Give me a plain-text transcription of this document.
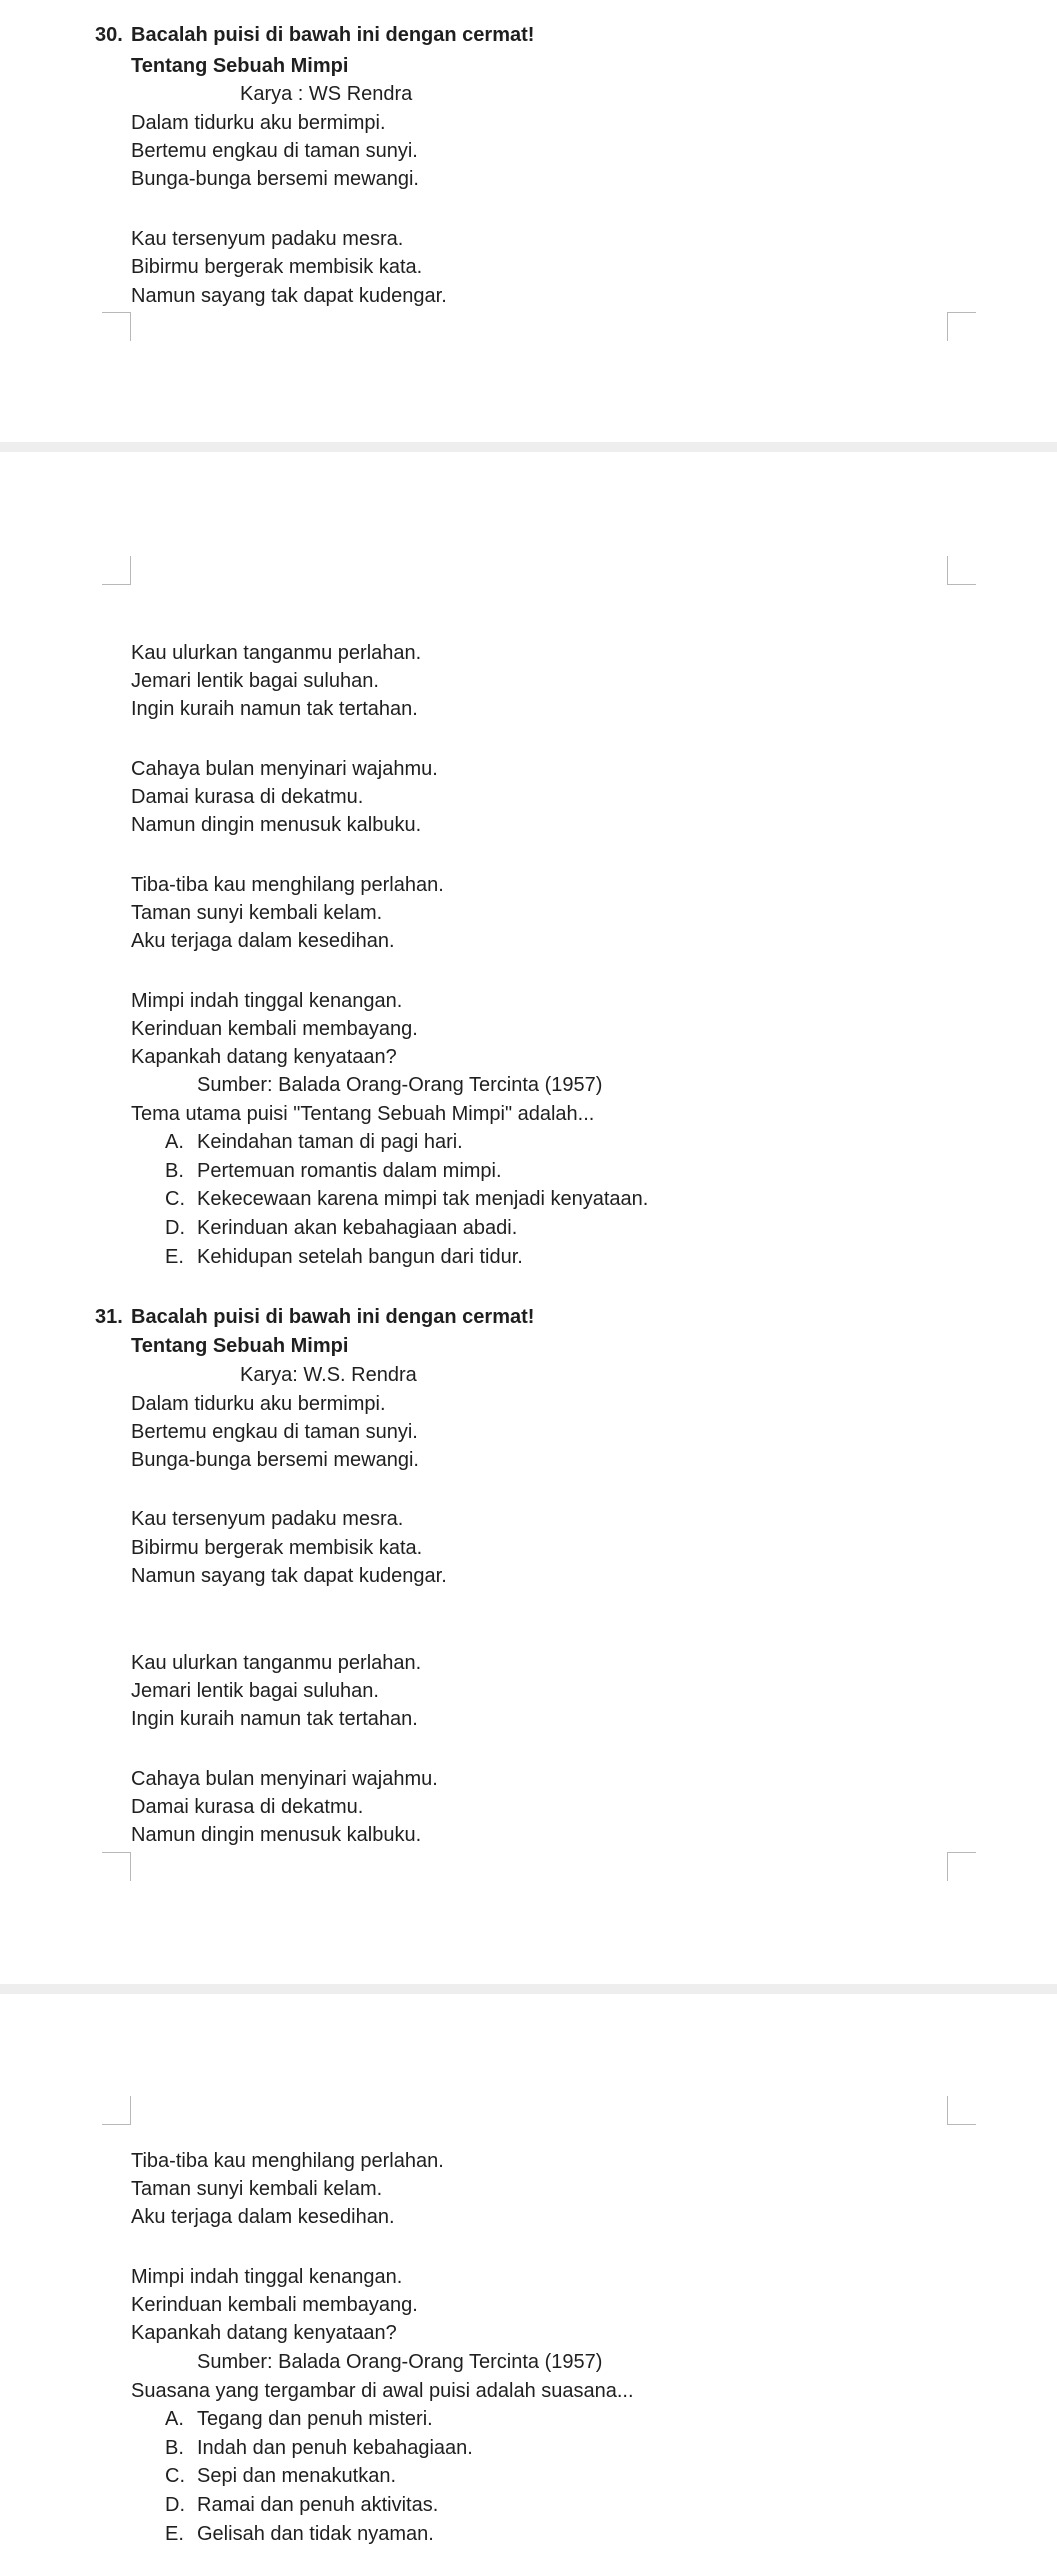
30. Bacalah puisi di bawah ini dengan cermat!
Tentang Sebuah Mimpi
Karya : WS Rendra
Dalam tidurku aku bermimpi.
Bertemu engkau di taman sunyi.
Bunga-bunga bersemi mewangi.
Kau tersenyum padaku mesra.
Bibirmu bergerak membisik kata.
Namun sayang tak dapat kudengar.
Kau ulurkan tanganmu perlahan.
Jemari lentik bagai suluhan.
Ingin kuraih namun tak tertahan.
Cahaya bulan menyinari wajahmu.
Damai kurasa di dekatmu.
Namun dingin menusuk kalbuku.
Tiba-tiba kau menghilang perlahan.
Taman sunyi kembali kelam.
Aku terjaga dalam kesedihan.
Mimpi indah tinggal kenangan.
Kerinduan kembali membayang.
Kapankah datang kenyataan?
Sumber: Balada Orang-Orang Tercinta (1957)
Tema utama puisi "Tentang Sebuah Mimpi" adalah...
A. Keindahan taman di pagi hari.
B. Pertemuan romantis dalam mimpi.
C. Kekecewaan karena mimpi tak menjadi kenyataan.
D. Kerinduan akan kebahagiaan abadi.
E. Kehidupan setelah bangun dari tidur.
31. Bacalah puisi di bawah ini dengan cermat!
Tentang Sebuah Mimpi
Karya: W.S. Rendra
Dalam tidurku aku bermimpi.
Bertemu engkau di taman sunyi.
Bunga-bunga bersemi mewangi.
Kau tersenyum padaku mesra.
Bibirmu bergerak membisik kata.
Namun sayang tak dapat kudengar.
Kau ulurkan tanganmu perlahan.
Jemari lentik bagai suluhan.
Ingin kuraih namun tak tertahan.
Cahaya bulan menyinari wajahmu.
Damai kurasa di dekatmu.
Namun dingin menusuk kalbuku.
Tiba-tiba kau menghilang perlahan.
Taman sunyi kembali kelam.
Aku terjaga dalam kesedihan.
Mimpi indah tinggal kenangan.
Kerinduan kembali membayang.
Kapankah datang kenyataan?
Sumber: Balada Orang-Orang Tercinta (1957)
Suasana yang tergambar di awal puisi adalah suasana...
A. Tegang dan penuh misteri.
B. Indah dan penuh kebahagiaan.
C. Sepi dan menakutkan.
D. Ramai dan penuh aktivitas.
E. Gelisah dan tidak nyaman.
